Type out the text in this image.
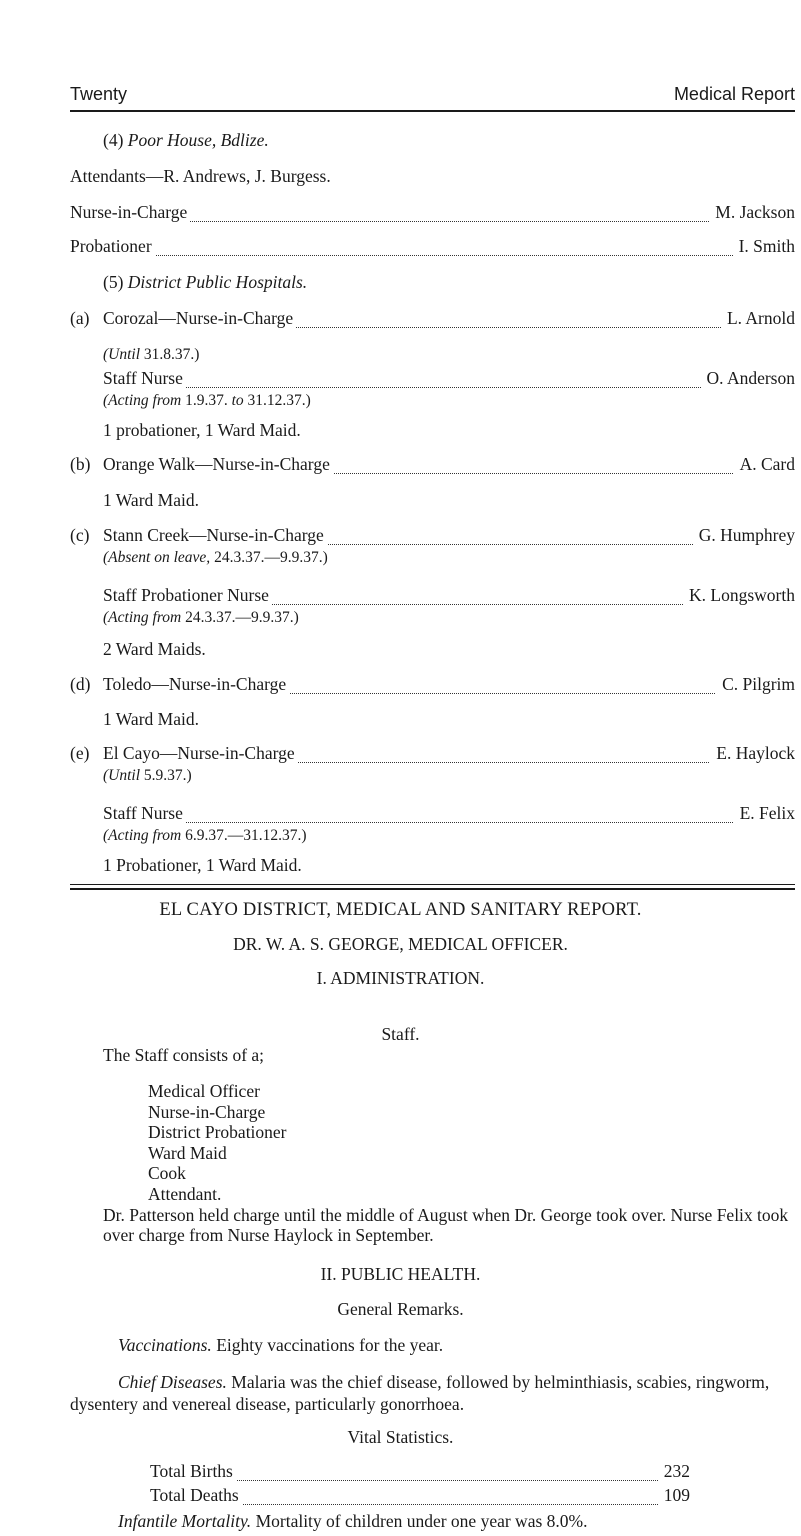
Twenty	Medical Report
(4) Poor House, Bdlize.
Attendants—R. Andrews, J. Burgess.
Nurse-in-Charge	M. Jackson
Probationer	I. Smith
(5) District Public Hospitals.
(a) Corozal—Nurse-in-Charge	L. Arnold
(Until 31.8.37.)
Staff Nurse	O. Anderson
(Acting from 1.9.37. to 31.12.37.)
1 probationer, 1 Ward Maid.
(b) Orange Walk—Nurse-in-Charge	A. Card
1 Ward Maid.
(c) Stann Creek—Nurse-in-Charge	G. Humphrey
(Absent on leave, 24.3.37.—9.9.37.)
Staff Probationer Nurse	K. Longsworth
(Acting from 24.3.37.—9.9.37.)
2 Ward Maids.
(d) Toledo—Nurse-in-Charge	C. Pilgrim
1 Ward Maid.
(e) El Cayo—Nurse-in-Charge	E. Haylock
(Until 5.9.37.)
Staff Nurse	E. Felix
(Acting from 6.9.37.—31.12.37.)
1 Probationer, 1 Ward Maid.
EL CAYO DISTRICT, MEDICAL AND SANITARY REPORT.
DR. W. A. S. GEORGE, MEDICAL OFFICER.
I. ADMINISTRATION.
Staff.
The Staff consists of a;
Medical Officer
Nurse-in-Charge
District Probationer
Ward Maid
Cook
Attendant.
Dr. Patterson held charge until the middle of August when Dr. George took over. Nurse Felix took over charge from Nurse Haylock in September.
II. PUBLIC HEALTH.
General Remarks.
Vaccinations. Eighty vaccinations for the year.
Chief Diseases. Malaria was the chief disease, followed by helminthiasis, scabies, ringworm, dysentery and venereal disease, particularly gonorrhoea.
Vital Statistics.
Total Births	232
Total Deaths	109
Infantile Mortality. Mortality of children under one year was 8.0%.
